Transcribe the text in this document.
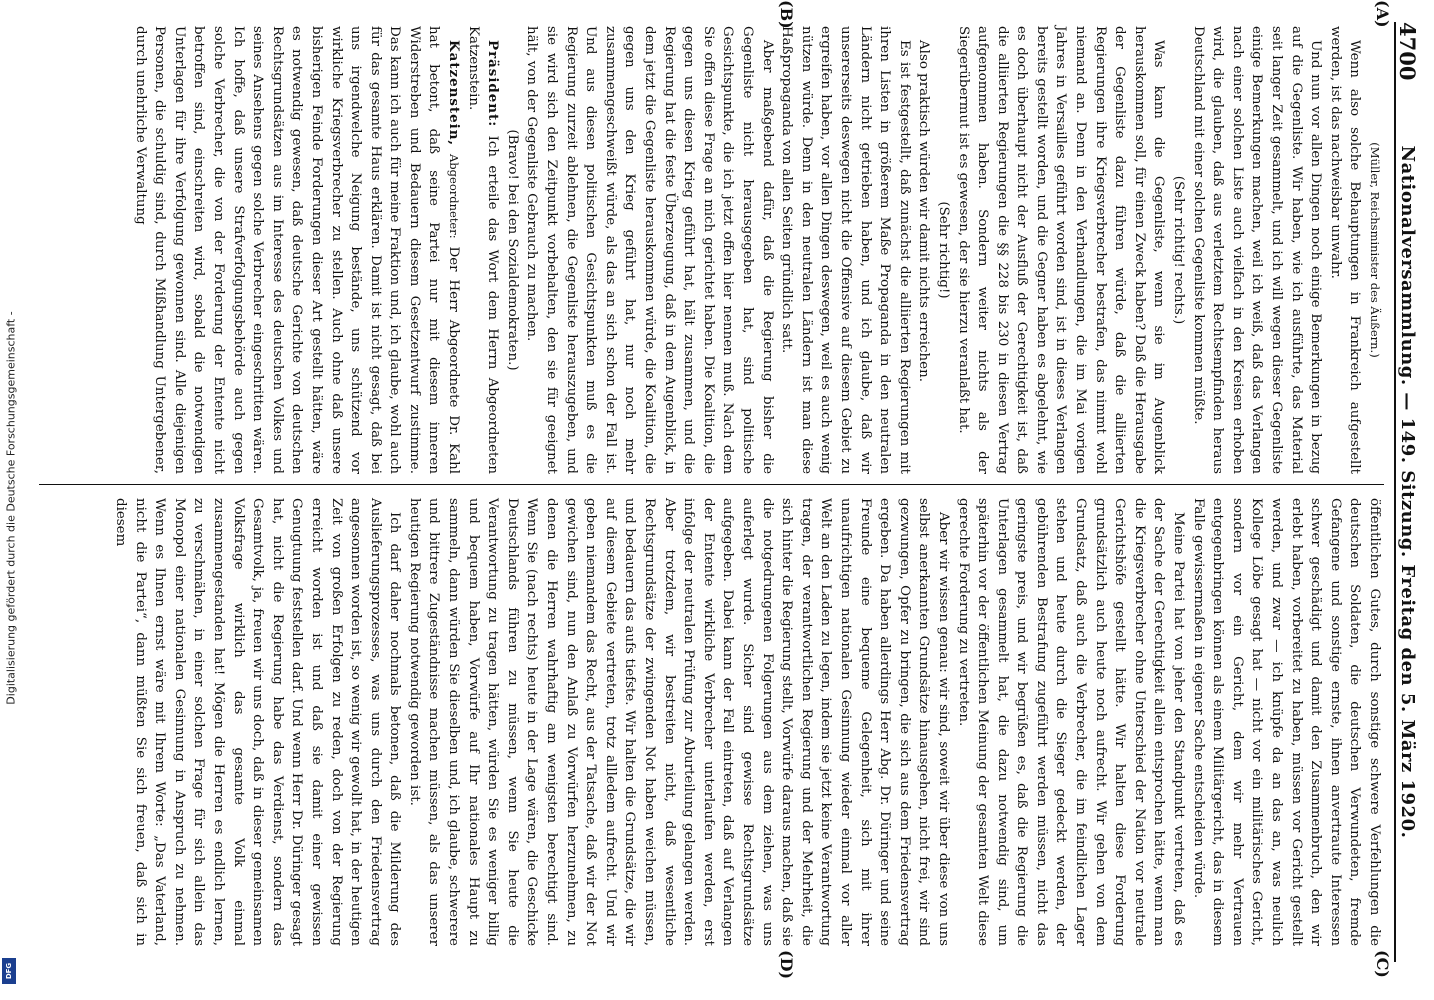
Digitalisierung gefördert durch die Deutsche Forschungsgemeinschaft -
DFG
4700
Nationalversammlung. — 149. Sitzung. Freitag den 5. März 1920.
(A)
(B)
(C)
(D)

(Müller, Reichsminister des Äußern.)

Wenn also solche Behauptungen in Frankreich aufgestellt werden, ist das nachweisbar unwahr.

Und nun vor allen Dingen noch einige Bemerkungen in bezug auf die Gegenliste. Wir haben, wie ich ausführte, das Material seit langer Zeit gesammelt, und ich will wegen dieser Gegenliste einige Bemerkungen machen, weil ich weiß, daß das Verlangen nach einer solchen Liste auch vielfach in den Kreisen erhoben wird, die glauben, daß aus verletztem Rechtsempfinden heraus Deutschland mit einer solchen Gegenliste kommen müßte.

(Sehr richtig! rechts.)

Was kann die Gegenliste, wenn sie im Augenblick herauskommen soll, für einen Zweck haben? Daß die Herausgabe der Gegenliste dazu führen würde, daß die alliierten Regierungen ihre Kriegsverbrecher bestrafen, das nimmt wohl niemand an. Denn in den Verhandlungen, die im Mai vorigen Jahres in Versailles geführt worden sind, ist in dieses Verlangen bereits gestellt worden, und die Gegner haben es abgelehnt, wie es doch überhaupt nicht der Ausfluß der Gerechtigkeit ist, daß die alliierten Regierungen die §§ 228 bis 230 in diesen Vertrag aufgenommen haben. Sondern weiter nichts als der Siegerübermut ist es gewesen, der sie hierzu veranlaßt hat.

(Sehr richtig!)

Also praktisch würden wir damit nichts erreichen.

Es ist festgestellt, daß zunächst die alliierten Regierungen mit ihren Listen in größerem Maße Propaganda in den neutralen Ländern nicht getrieben haben, und ich glaube, daß wir unsererseits deswegen nicht die Offensive auf diesem Gebiet zu ergreifen haben, vor allen Dingen deswegen, weil es auch wenig nützen würde. Denn in den neutralen Ländern ist man diese Haßpropaganda von allen Seiten gründlich satt.

Aber maßgebend dafür, daß die Regierung bisher die Gegenliste nicht herausgegeben hat, sind politische Gesichtspunkte, die ich jetzt offen hier nennen muß. Nach dem Sie offen diese Frage an mich gerichtet haben. Die Koalition, die gegen uns diesen Krieg geführt hat, hält zusammen, und die Regierung hat die feste Überzeugung, daß in dem Augenblick, in dem jetzt die Gegenliste herauskommen würde, die Koalition, die gegen uns den Krieg geführt hat, nur noch mehr zusammengeschweißt würde, als das an sich schon der Fall ist. Und aus diesen politischen Gesichtspunkten muß es die Regierung zurzeit ablehnen, die Gegenliste herauszugeben, und sie wird sich den Zeitpunkt vorbehalten, den sie für geeignet hält, von der Gegenliste Gebrauch zu machen.

(Bravo! bei den Sozialdemokraten.)

Präsident: Ich erteile das Wort dem Herrn Abgeordneten Katzenstein.

Katzenstein, Abgeordneter: Der Herr Abgeordnete Dr. Kahl hat betont, daß seine Partei nur mit diesem inneren Widerstreben und Bedauern diesem Gesetzentwurf zustimme. Das kann ich auch für meine Fraktion und, ich glaube, wohl auch für das gesamte Haus erklären. Damit ist nicht gesagt, daß bei uns irgendwelche Neigung bestände, uns schützend vor wirkliche Kriegsverbrecher zu stellen. Auch ohne daß unsere bisherigen Feinde Forderungen dieser Art gestellt hätten, wäre es notwendig gewesen, daß deutsche Gerichte von deutschen Rechtsgrundsätzen aus im Interesse des deutschen Volkes und seines Ansehens gegen solche Verbrecher eingeschritten wären. Ich hoffe, daß unsere Strafverfolgungsbehörde auch gegen solche Verbrecher, die von der Forderung der Entente nicht betroffen sind, einschreiten wird, sobald die notwendigen Unterlagen für ihre Verfolgung gewonnen sind. Alle diejenigen Personen, die schuldig sind, durch Mißhandlung Untergebener, durch unehrliche Verwaltung

öffentlichen Gutes, durch sonstige schwere Verfehlungen die deutschen Soldaten, die deutschen Verwundeten, fremde Gefangene und sonstige ernste, ihnen anvertraute Interessen schwer geschädigt und damit den Zusammenbruch, den wir erlebt haben, vorbereitet zu haben, müssen vor Gericht gestellt werden, und zwar — ich knüpfe da an das an, was neulich Kollege Löbe gesagt hat — nicht vor ein militärisches Gericht, sondern vor ein Gericht, dem wir mehr Vertrauen entgegenbringen können als einem Militärgericht, das in diesem Falle gewissermaßen in eigener Sache entscheiden würde.

Meine Partei hat von jeher den Standpunkt vertreten, daß es der Sache der Gerechtigkeit allein entsprochen hätte, wenn man die Kriegsverbrecher ohne Unterschied der Nation vor neutrale Gerichtshöfe gestellt hätte. Wir halten diese Forderung grundsätzlich auch heute noch aufrecht. Wir gehen von dem Grundsatz, daß auch die Verbrecher, die im feindlichen Lager stehen und heute durch die Sieger gedeckt werden, der gebührenden Bestrafung zugeführt werden müssen, nicht das geringste preis, und wir begrüßen es, daß die Regierung die Unterlagen gesammelt hat, die dazu notwendig sind, um späterhin vor der öffentlichen Meinung der gesamten Welt diese gerechte Forderung zu vertreten.

Aber wir wissen genau: wir sind, soweit wir über diese von uns selbst anerkannten Grundsätze hinausgehen, nicht frei, wir sind gezwungen, Opfer zu bringen, die sich aus dem Friedensvertrag ergeben. Da haben allerdings Herr Abg. Dr. Düringer und seine Freunde eine bequeme Gelegenheit, sich mit ihrer unaufrichtigen nationalen Gesinnung wieder einmal vor aller Welt an den Laden zu legen, indem sie jetzt keine Verantwortung tragen, der verantwortlichen Regierung und der Mehrheit, die sich hinter die Regierung stellt, Vorwürfe daraus machen, daß sie die notgedrungenen Folgerungen aus dem ziehen, was uns auferlegt wurde. Sicher sind gewisse Rechtsgrundsätze aufgegeben. Dabei kann der Fall eintreten, daß auf Verlangen der Entente wirkliche Verbrecher unterlaufen werden, erst infolge der neutralen Prüfung zur Aburteilung gelangen werden. Aber trotzdem, wir bestreiten nicht, daß wesentliche Rechtsgrundsätze der zwingenden Not haben weichen müssen, und bedauern das aufs tiefste. Wir halten die Grundsätze, die wir auf diesem Gebiete vertreten, trotz allledem aufrecht. Und wir geben niemandem das Recht, aus der Tatsache, daß wir der Not gewichen sind, nun den Anlaß zu Vorwürfen herzunehmen, zu denen die Herren wahrhaftig am wenigsten berechtigt sind. Wenn Sie (nach rechts) heute in der Lage wären, die Geschicke Deutschlands führen zu müssen, wenn Sie heute die Verantwortung zu tragen hätten, würden Sie es weniger billig und bequem haben, Vorwürfe auf Ihr nationales Haupt zu sammeln, dann würden Sie dieselben und, ich glaube, schwerere und bittrere Zugeständnisse machen müssen, als das unserer heutigen Regierung notwendig geworden ist.

Ich darf daher nochmals betonen, daß die Milderung des Auslieferungsprozesses, was uns durch den Friedensvertrag angesonnen worden ist, so wenig wir gewollt hat, in der heutigen Zeit von großen Erfolgen zu reden, doch von der Regierung erreicht worden ist und daß sie damit einer gewissen Genugtuung feststellen darf. Und wenn Herr Dr. Düringer gesagt hat, nicht die Regierung habe das Verdienst, sondern das Gesamtvolk, ja, freuen wir uns doch, daß in dieser gemeinsamen Volksfrage wirklich das gesamte Volk einmal zusammengestanden hat! Mögen die Herren es endlich lernen, zu verschmähen, in einer solchen Frage für sich allein das Monopol einer nationalen Gesinnung in Anspruch zu nehmen. Wenn es Ihnen ernst wäre mit Ihrem Worte: „Das Vaterland, nicht die Partei“, dann müßten Sie sich freuen, daß sich in diesem
